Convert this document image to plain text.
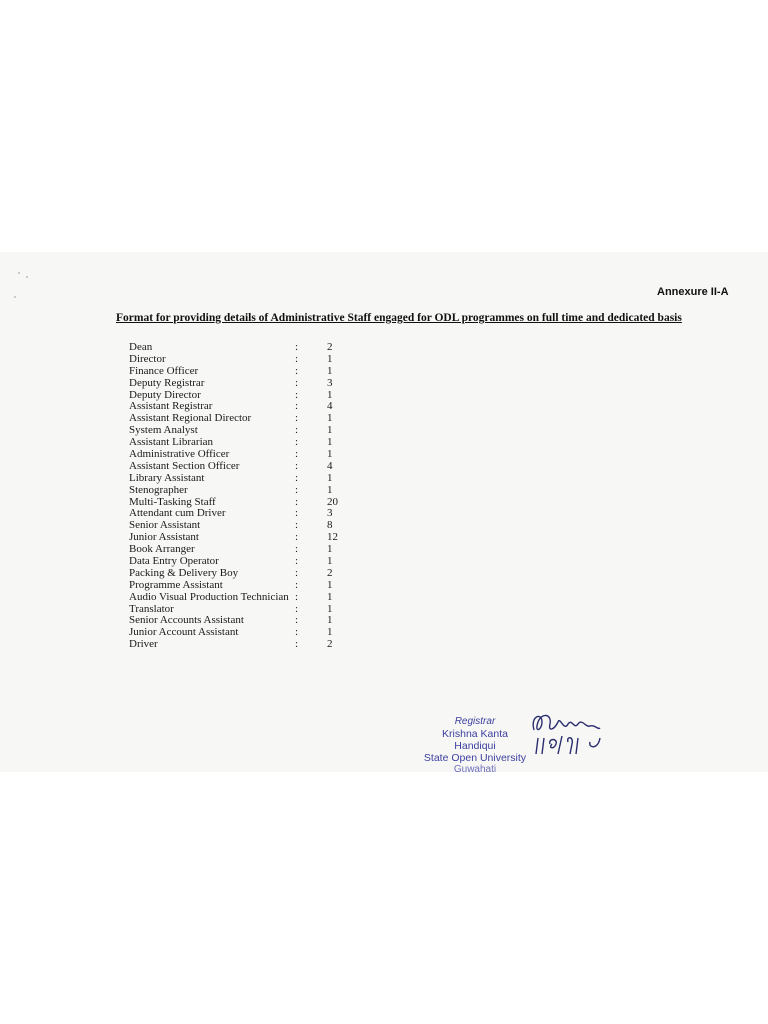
Annexure II-A
Format for providing details of Administrative Staff engaged for ODL programmes on full time and dedicated basis
Dean	:	2
Director	:	1
Finance Officer	:	1
Deputy Registrar	:	3
Deputy Director	:	1
Assistant Registrar	:	4
Assistant Regional Director	:	1
System Analyst	:	1
Assistant Librarian	:	1
Administrative Officer	:	1
Assistant Section Officer	:	4
Library Assistant	:	1
Stenographer	:	1
Multi-Tasking Staff	:	20
Attendant cum Driver	:	3
Senior Assistant	:	8
Junior Assistant	:	12
Book Arranger	:	1
Data Entry Operator	:	1
Packing & Delivery Boy	:	2
Programme Assistant	:	1
Audio Visual Production Technician :	1
Translator	:	1
Senior Accounts Assistant	:	1
Junior Account Assistant	:	1
Driver	:	2
Registrar
Krishna Kanta Handiqui
State Open University
Guwahati
